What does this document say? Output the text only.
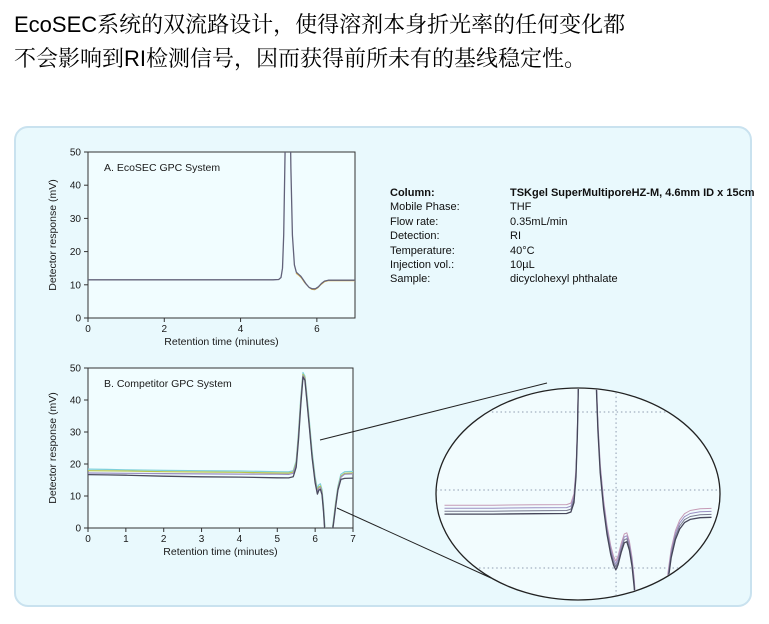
EcoSEC系统的双流路设计，使得溶剂本身折光率的任何变化都
不会影响到RI检测信号，因而获得前所未有的基线稳定性。
0	2	4	6
0
10
20
30
40
50
Retention time (minutes)
Detector response (mV)
A. EcoSEC GPC System
0	1	2	3	4	5	6	7
0
10
20
30
40
50
Retention time (minutes)
Detector response (mV)
B. Competitor GPC System
Column:	TSKgel SuperMultiporeHZ-M, 4.6mm ID x 15cm
Mobile Phase:	THF
Flow rate:	0.35mL/min
Detection:	RI
Temperature:	40°C
Injection vol.:	10µL
Sample:	dicyclohexyl phthalate
